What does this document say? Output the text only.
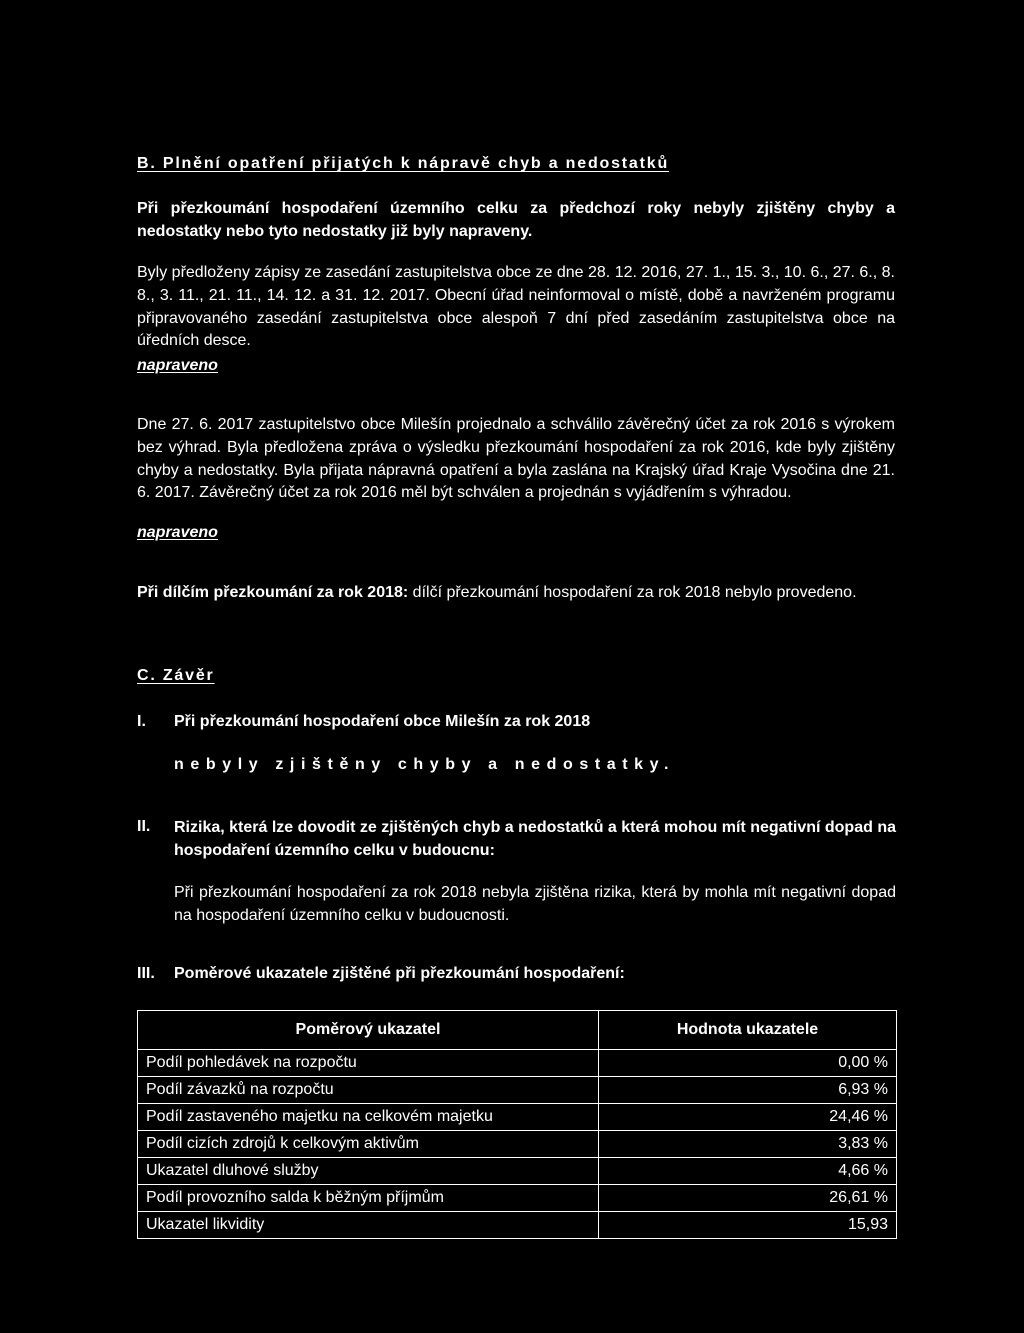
B. Plnění opatření přijatých k nápravě chyb a nedostatků
Při přezkoumání hospodaření územního celku za předchozí roky nebyly zjištěny chyby a nedostatky nebo tyto nedostatky již byly napraveny.
Byly předloženy zápisy ze zasedání zastupitelstva obce ze dne 28. 12. 2016, 27. 1., 15. 3., 10. 6., 27. 6., 8. 8., 3. 11., 21. 11., 14. 12. a 31. 12. 2017. Obecní úřad neinformoval o místě, době a navrženém programu připravovaného zasedání zastupitelstva obce alespoň 7 dní před zasedáním zastupitelstva obce na úředních desce.
napraveno
Dne 27. 6. 2017 zastupitelstvo obce Milešín projednalo a schválilo závěrečný účet za rok 2016 s výrokem bez výhrad. Byla předložena zpráva o výsledku přezkoumání hospodaření za rok 2016, kde byly zjištěny chyby a nedostatky. Byla přijata nápravná opatření a byla zaslána na Krajský úřad Kraje Vysočina dne 21. 6. 2017. Závěrečný účet za rok 2016 měl být schválen a projednán s vyjádřením s výhradou.
napraveno
Při dílčím přezkoumání za rok 2018: dílčí přezkoumání hospodaření za rok 2018 nebylo provedeno.
C. Závěr
I. Při přezkoumání hospodaření obce Milešín za rok 2018
nebyly zjištěny chyby a nedostatky.
II. Rizika, která lze dovodit ze zjištěných chyb a nedostatků a která mohou mít negativní dopad na hospodaření územního celku v budoucnu:
Při přezkoumání hospodaření za rok 2018 nebyla zjištěna rizika, která by mohla mít negativní dopad na hospodaření územního celku v budoucnosti.
III. Poměrové ukazatele zjištěné při přezkoumání hospodaření:
Poměrový ukazatel	Hodnota ukazatele
Podíl pohledávek na rozpočtu	0,00 %
Podíl závazků na rozpočtu	6,93 %
Podíl zastaveného majetku na celkovém majetku	24,46 %
Podíl cizích zdrojů k celkovým aktivům	3,83 %
Ukazatel dluhové služby	4,66 %
Podíl provozního salda k běžným příjmům	26,61 %
Ukazatel likvidity	15,93
